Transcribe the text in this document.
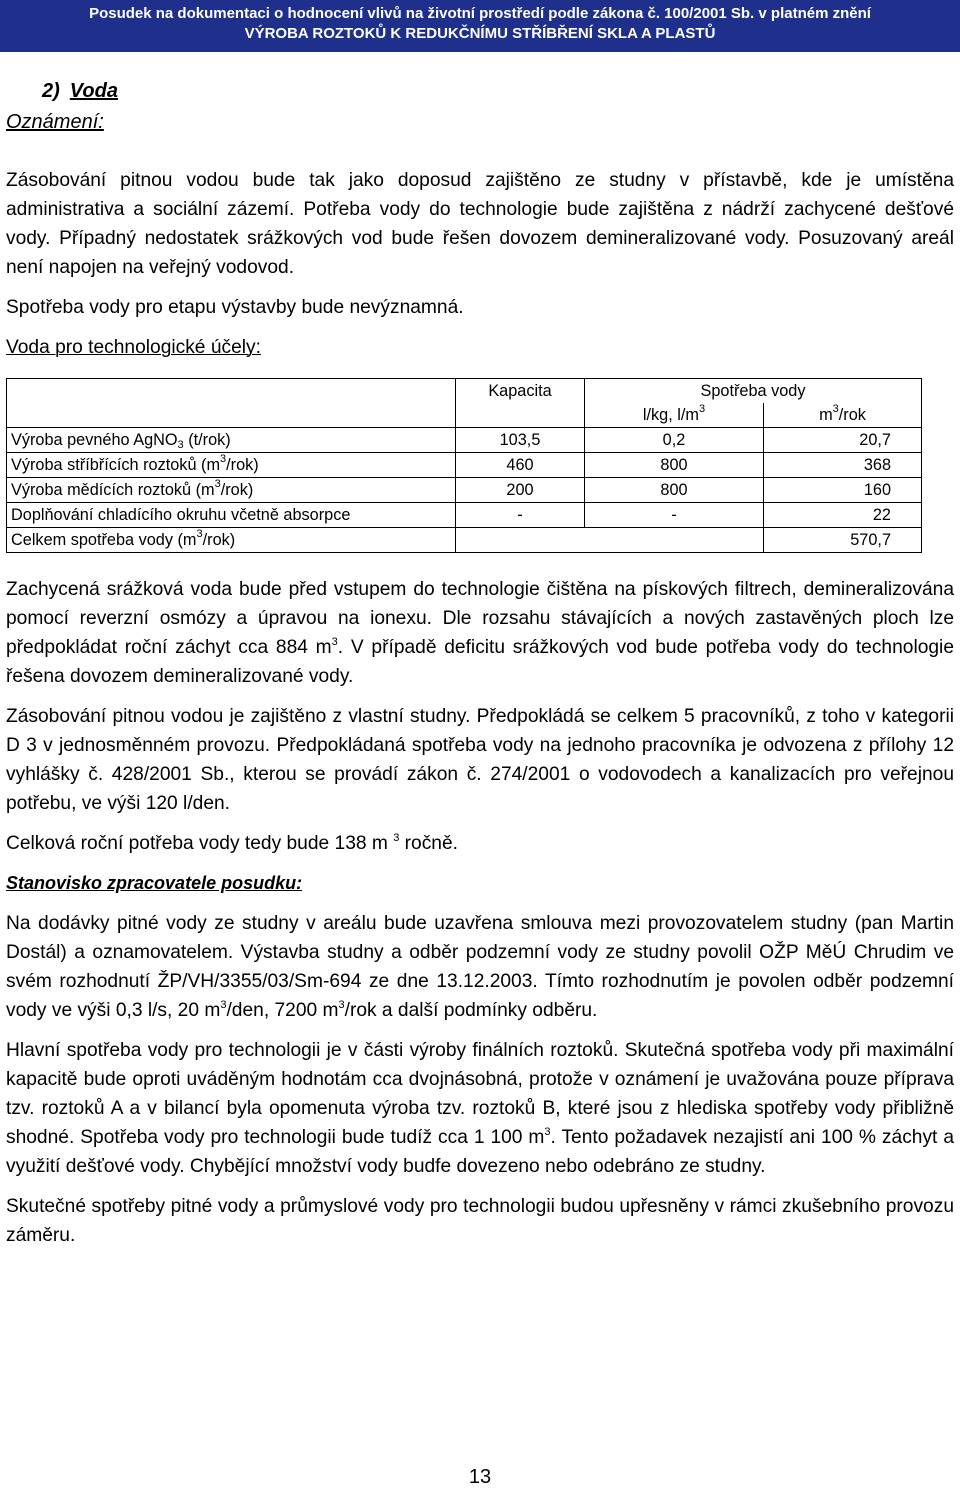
Posudek na dokumentaci o hodnocení vlivů na životní prostředí podle zákona č. 100/2001 Sb. v platném znění
VÝROBA ROZTOKŮ K REDUKČNÍMU STŘÍBŘENÍ SKLA A PLASTŮ
2) Voda
Oznámení:

Zásobování pitnou vodou bude tak jako doposud zajištěno ze studny v přístavbě, kde je umístěna administrativa a sociální zázemí. Potřeba vody do technologie bude zajištěna z nádrží zachycené dešťové vody. Případný nedostatek srážkových vod bude řešen dovozem demineralizované vody. Posuzovaný areál není napojen na veřejný vodovod.

Spotřeba vody pro etapu výstavby bude nevýznamná.

Voda pro technologické účely:

	Kapacita	Spotřeba vody	
		l/kg, $l/m^3$	$m^3$/rok
Výroba pevného AgNO$_3$ (t/rok)	103,5	0,2	20,7
Výroba stříbřících roztoků $(m^3/rok)$	460	800	368
Výroba mědících roztoků $(m^3/rok)$	200	800	160
Doplňování chladícího okruhu včetně absorpce	-	-	22
Celkem spotřeba vody $(m^3/rok)$			570,7

Zachycená srážková voda bude před vstupem do technologie čištěna na pískových filtrech, demineralizována pomocí reverzní osmózy a úpravou na ionexu. Dle rozsahu stávajících a nových zastavěných ploch lze předpokládat roční záchyt cca 884 $m^3$. V případě deficitu srážkových vod bude potřeba vody do technologie řešena dovozem demineralizované vody.

Zásobování pitnou vodou je zajištěno z vlastní studny. Předpokládá se celkem 5 pracovníků, z toho v kategorii D 3 v jednosměnném provozu. Předpokládaná spotřeba vody na jednoho pracovníka je odvozena z přílohy 12 vyhlášky č. 428/2001 Sb., kterou se provádí zákon č. 274/2001 o vodovodech a kanalizacích pro veřejnou potřebu, ve výši 120 l/den.

Celková roční potřeba vody tedy bude 138 m $^3$ ročně.

Stanovisko zpracovatele posudku:

Na dodávky pitné vody ze studny v areálu bude uzavřena smlouva mezi provozovatelem studny (pan Martin Dostál) a oznamovatelem. Výstavba studny a odběr podzemní vody ze studny povolil OŽP MěÚ Chrudim ve svém rozhodnutí ŽP/VH/3355/03/Sm-694 ze dne 13.12.2003. Tímto rozhodnutím je povolen odběr podzemní vody ve výši 0,3 l/s, 20 $m^3$/den, 7200 $m^3$/rok a další podmínky odběru.

Hlavní spotřeba vody pro technologii je v části výroby finálních roztoků. Skutečná spotřeba vody při maximální kapacitě bude oproti uváděným hodnotám cca dvojnásobná, protože v oznámení je uvažována pouze příprava tzv. roztoků A a v bilancí byla opomenuta výroba tzv. roztoků B, které jsou z hlediska spotřeby vody přibližně shodné. Spotřeba vody pro technologii bude tudíž cca 1 100 $m^3$. Tento požadavek nezajistí ani 100 % záchyt a využití dešťové vody. Chybějící množství vody budfe dovezeno nebo odebráno ze studny.

Skutečné spotřeby pitné vody a průmyslové vody pro technologii budou upřesněny v rámci zkušebního provozu záměru.

13
